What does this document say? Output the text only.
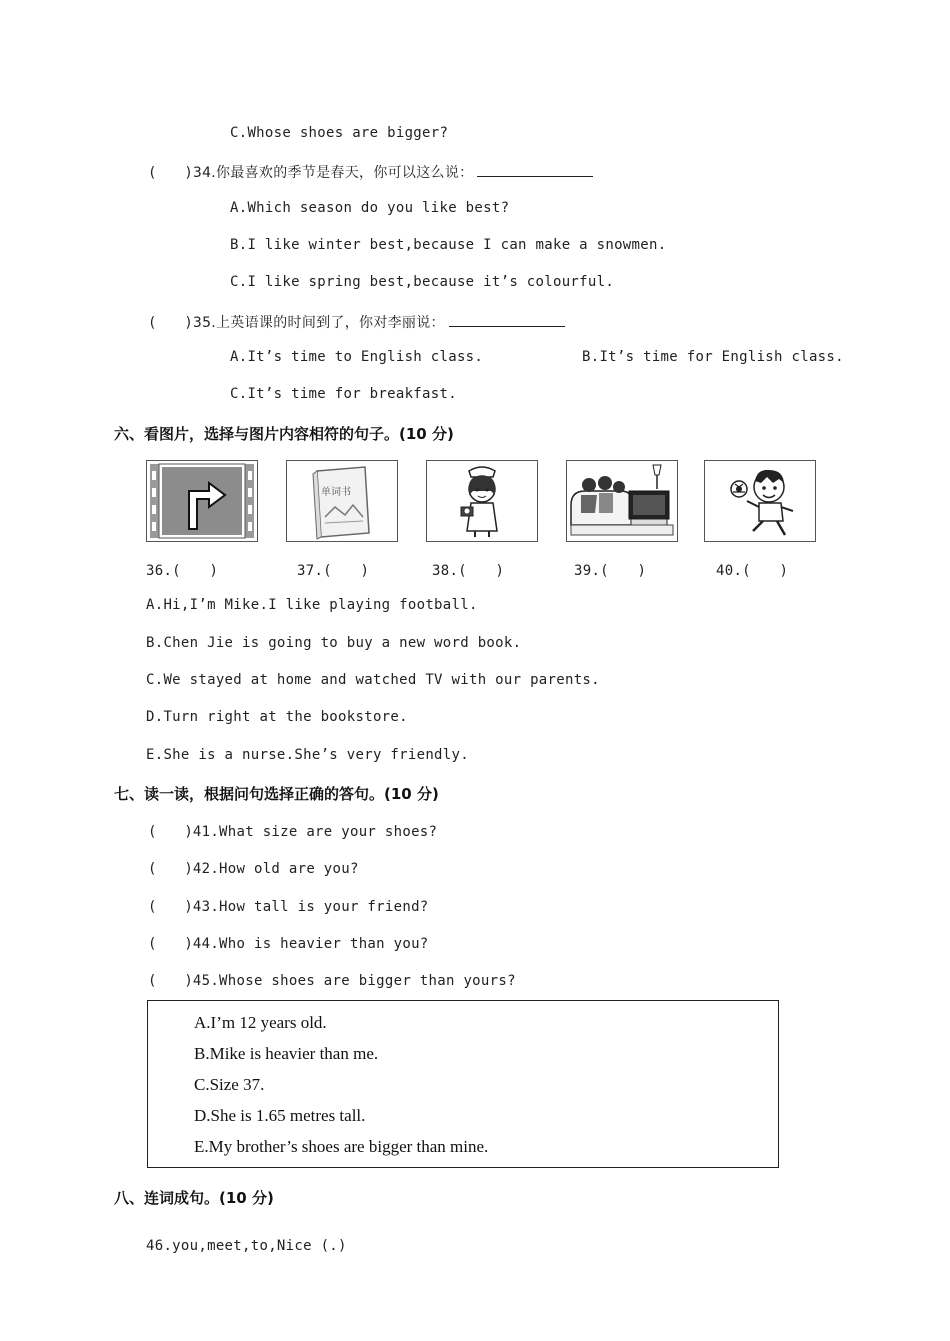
C.Whose shoes are bigger?
(　　)34.你最喜欢的季节是春天，你可以这么说：
A.Which season do you like best?
B.I like winter best,because I can make a snowmen.
C.I like spring best,because it’s colourful.
(　　)35.上英语课的时间到了，你对李丽说：
A.It’s time to English class.	B.It’s time for English class.
C.It’s time for breakfast.
六、看图片，选择与图片内容相符的句子。(10 分)
单词书
36.(　　)	37.(　　)	38.(　　)	39.(　　)	40.(　　)
A.Hi,I’m Mike.I like playing football.
B.Chen Jie is going to buy a new word book.
C.We stayed at home and watched TV with our parents.
D.Turn right at the bookstore.
E.She is a nurse.She’s very friendly.
七、读一读，根据问句选择正确的答句。(10 分)
(　　)41.What size are your shoes?
(　　)42.How old are you?
(　　)43.How tall is your friend?
(　　)44.Who is heavier than you?
(　　)45.Whose shoes are bigger than yours?
A.I’m 12 years old.
B.Mike is heavier than me.
C.Size 37.
D.She is 1.65 metres tall.
E.My brother’s shoes are bigger than mine.
八、连词成句。(10 分)
46.you,meet,to,Nice (.)
